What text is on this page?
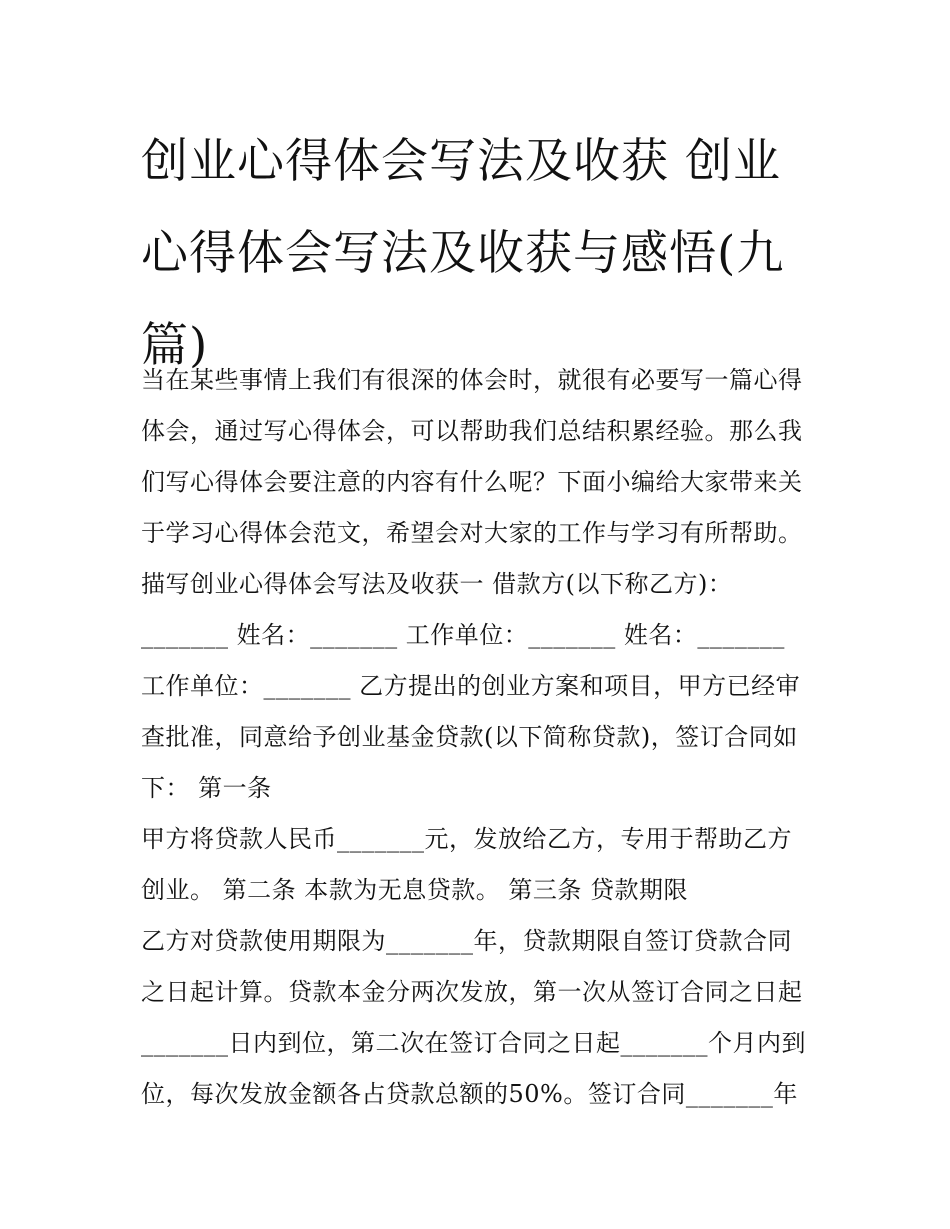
创业心得体会写法及收获 创业
心得体会写法及收获与感悟(九
篇)
当在某些事情上我们有很深的体会时，就很有必要写一篇心得
体会，通过写心得体会，可以帮助我们总结积累经验。那么我
们写心得体会要注意的内容有什么呢？下面小编给大家带来关
于学习心得体会范文，希望会对大家的工作与学习有所帮助。
描写创业心得体会写法及收获一 借款方(以下称乙方)：
_______ 姓名：_______ 工作单位：_______ 姓名：_______
工作单位：_______ 乙方提出的创业方案和项目，甲方已经审
查批准，同意给予创业基金贷款(以下简称贷款)，签订合同如
下： 第一条
甲方将贷款人民币_______元，发放给乙方，专用于帮助乙方
创业。 第二条 本款为无息贷款。 第三条 贷款期限
乙方对贷款使用期限为_______年，贷款期限自签订贷款合同
之日起计算。贷款本金分两次发放，第一次从签订合同之日起
_______日内到位，第二次在签订合同之日起_______个月内到
位，每次发放金额各占贷款总额的50%。签订合同_______年
